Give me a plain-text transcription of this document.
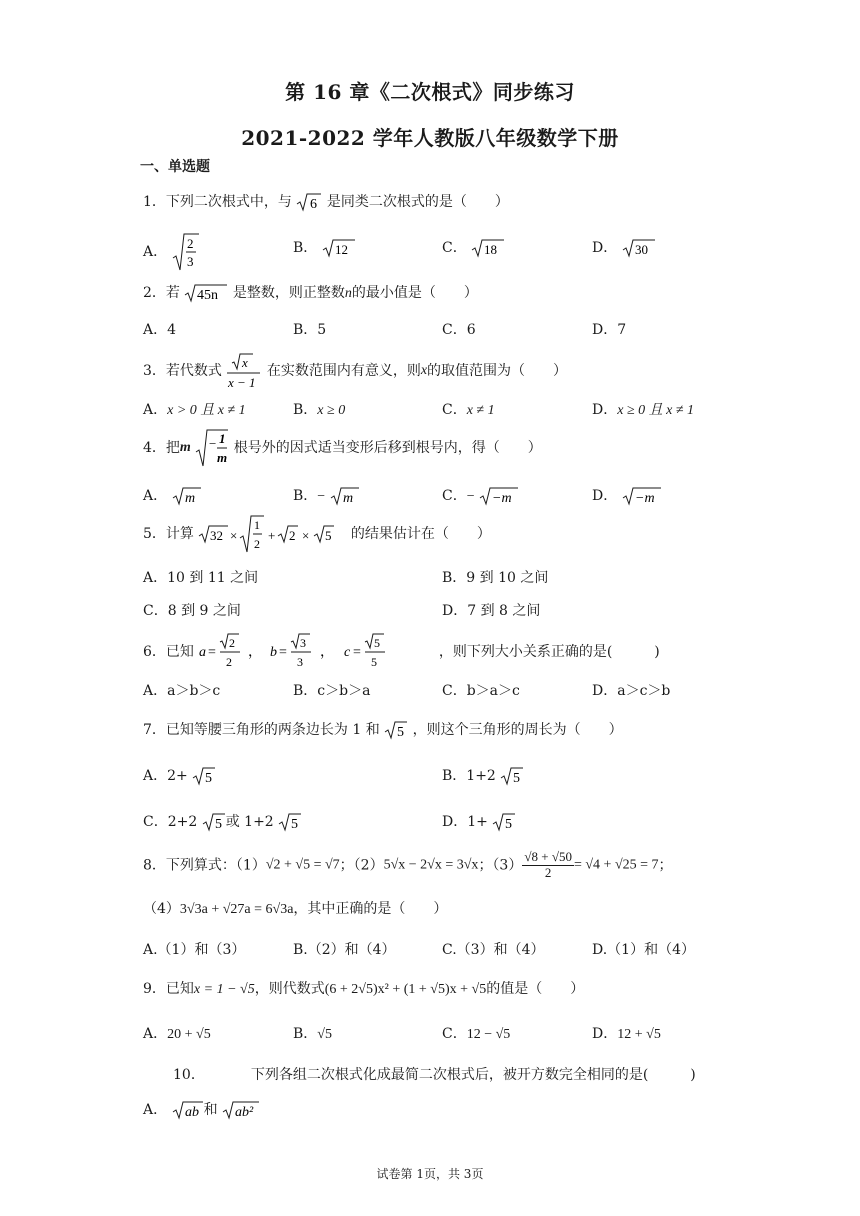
第 16 章《二次根式》同步练习
2021-2022 学年人教版八年级数学下册
一、单选题
1．下列二次根式中，与 6 是同类二次根式的是（　　）
A．
2
3
B． 12	C． 18	D． 30
2．若 45n 是整数，则正整数n的最小值是（　　）
A．4	B．5	C．6	D．7
3．若代数式
x
x − 1
在实数范围内有意义，则x的取值范围为（　　）
A．x > 0 且 x ≠ 1	B．x ≥ 0	C．x ≠ 1	D．x ≥ 0 且 x ≠ 1
4．把m − 1
m
根号外的因式适当变形后移到根号内，得（　　）
A． m	B．− m	C．− −m	D． −m
5．计算 32 ×
1
2
+ 2 × 5 的结果估计在（　　）
A．10 到 11 之间	B．9 到 10 之间
C．8 到 9 之间	D．7 到 8 之间
6．已知 a =
2
2
， b =
3
3
， c =
5
5
，则下列大小关系正确的是(　　　)
A．a＞b＞c	B．c＞b＞a	C．b＞a＞c	D．a＞c＞b
7．已知等腰三角形的两条边长为 1 和 5 ，则这个三角形的周长为（　　）
A．2+ 5	B．1+2 5
C．2+2 5 或 1+2 5	D．1+ 5
8．下列算式：（1）√2 + √5 = √7；（2）5√x − 2√x = 3√x；$(3) \frac{√8 + √50}{2} = √4 + √25 = 7$；
（4）3√3a + √27a = 6√3a，其中正确的是（　　）
A.（1）和（3）	B.（2）和（4）	C.（3）和（4）	D.（1）和（4）
9．已知x = 1 − √5，则代数式(6 + 2√5)x² + (1 + √5)x + √5的值是（　　）
A．20 + √5	B．√5	C．12 − √5	D．12 + √5
10．	下列各组二次根式化成最简二次根式后，被开方数完全相同的是(　　　)
A． ab 和 ab²
试卷第 1页，共 3页
